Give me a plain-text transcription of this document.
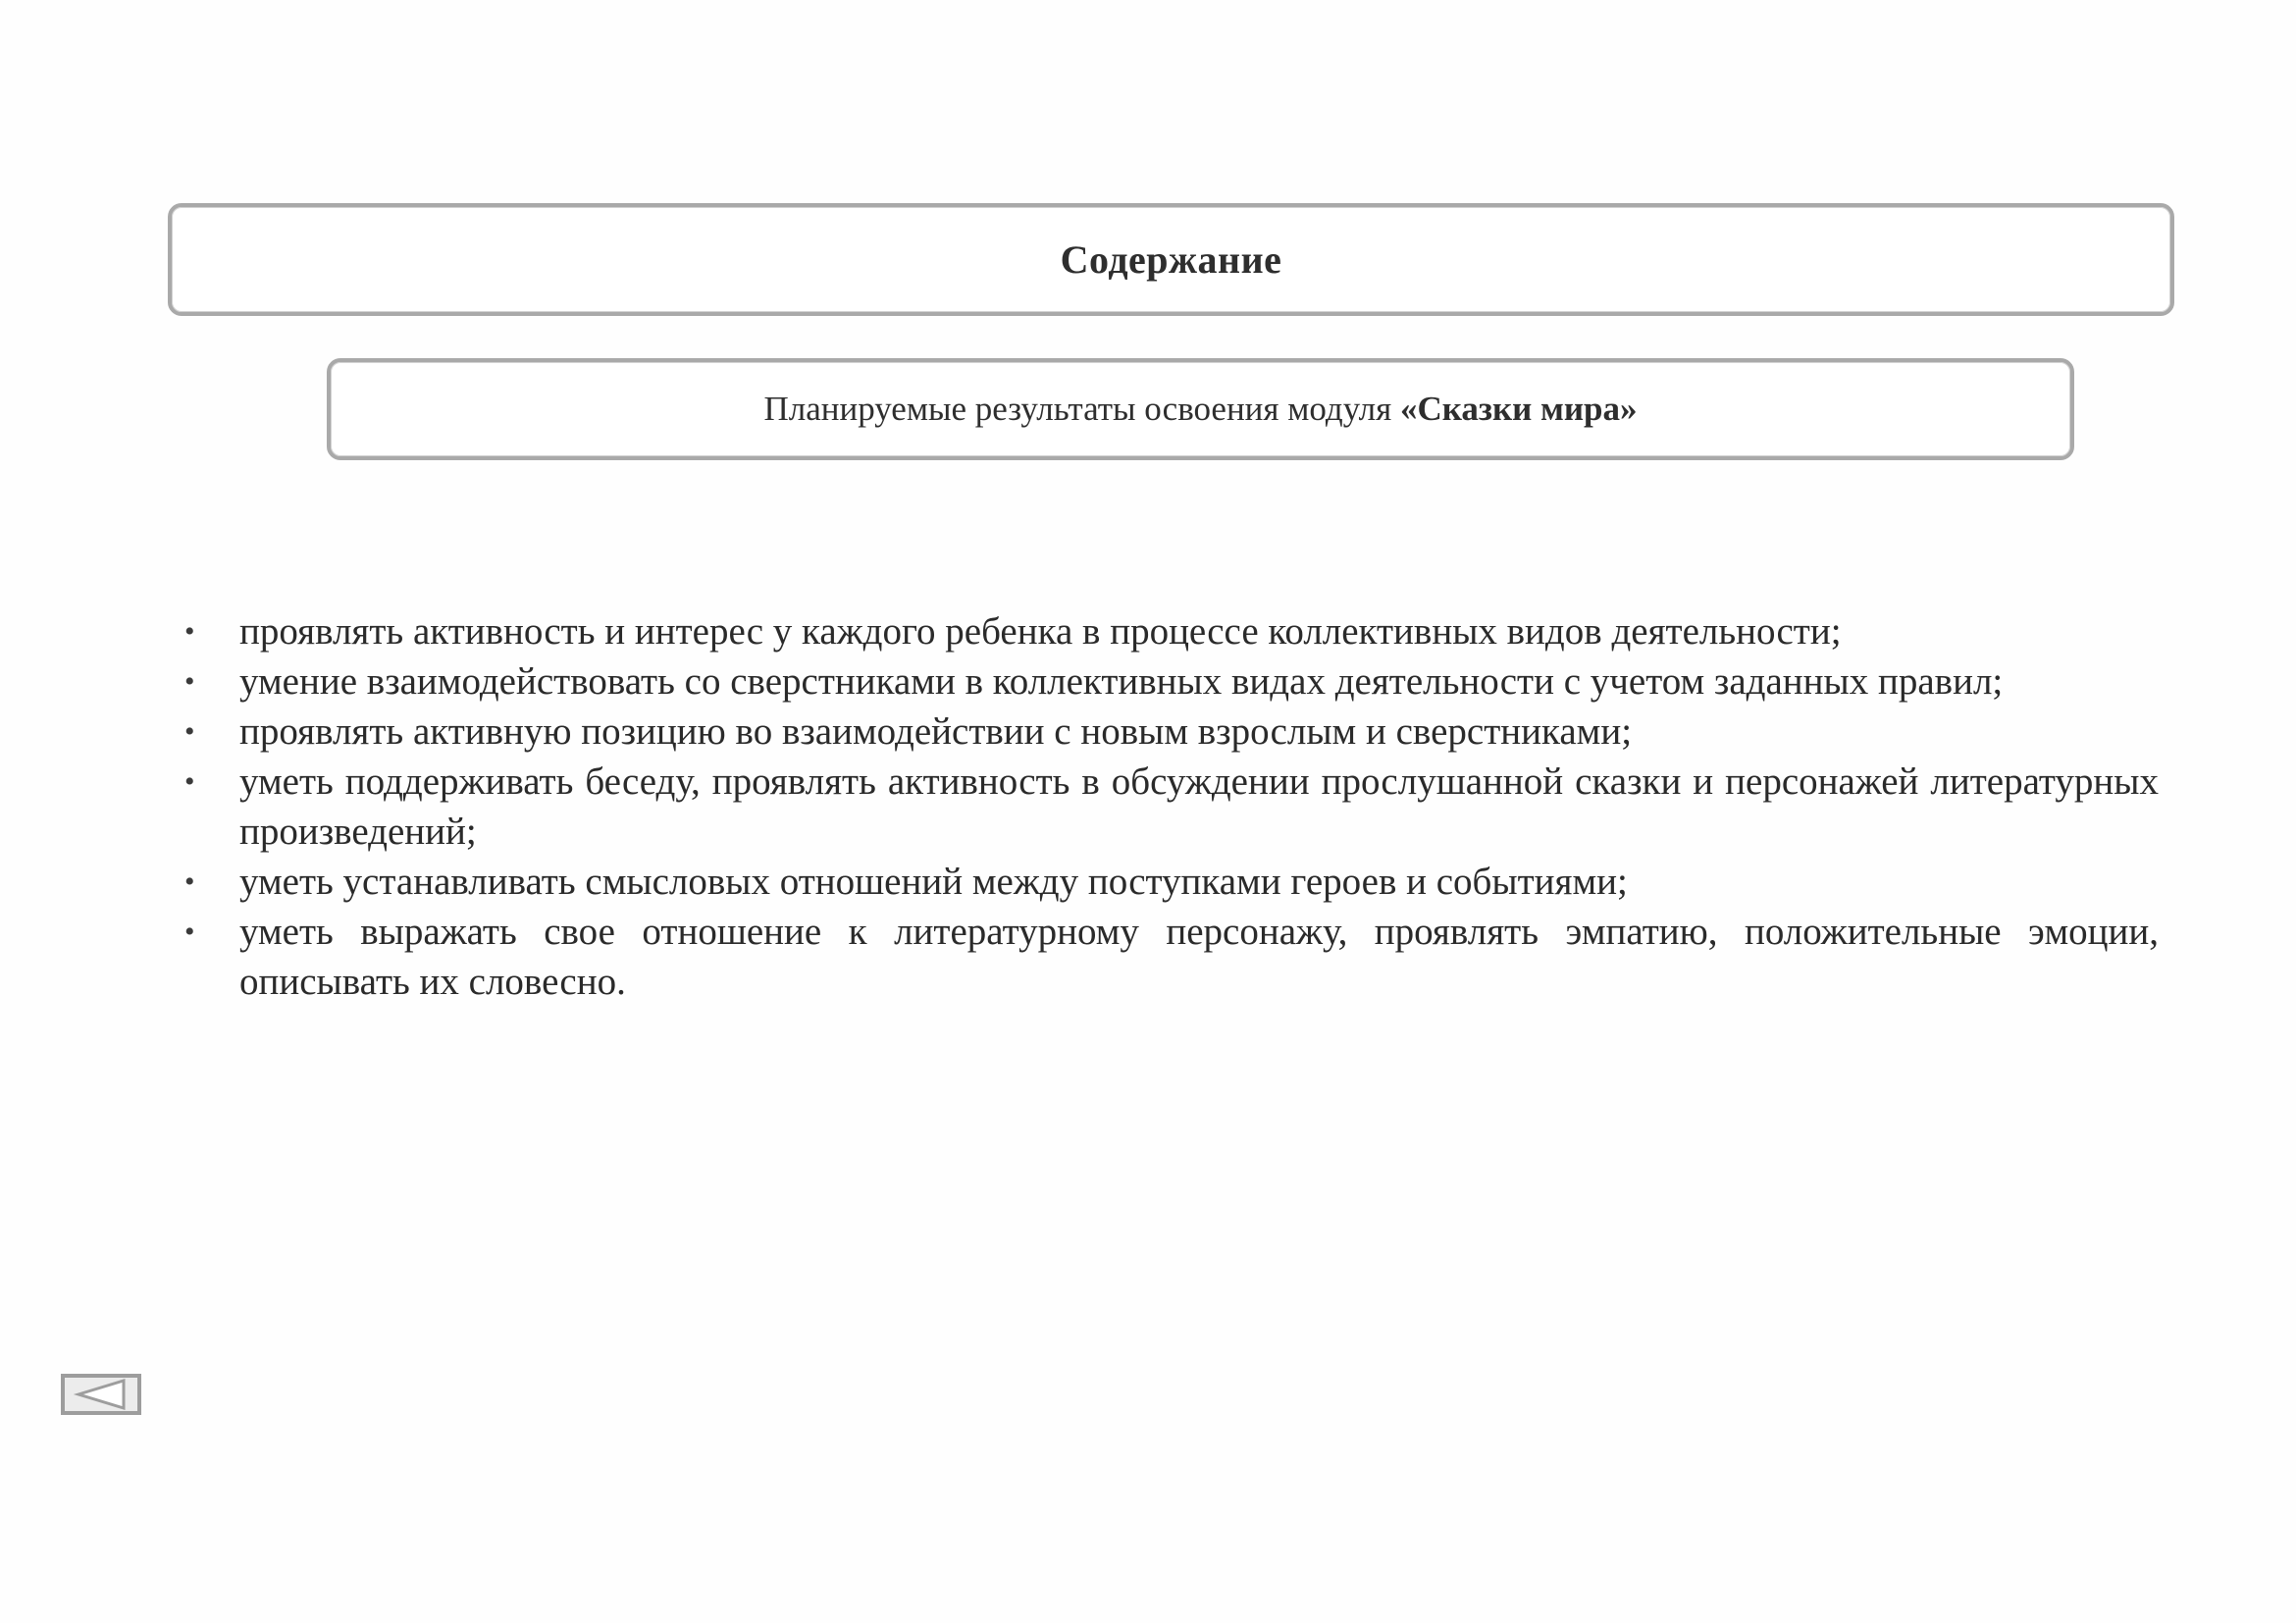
Содержание
Планируемые результаты освоения модуля «Сказки мира»
• проявлять активность и интерес у каждого ребенка в процессе коллективных видов деятельности;
• умение взаимодействовать со сверстниками в коллективных видах деятельности с учетом заданных правил;
• проявлять активную позицию во взаимодействии с новым взрослым и сверстниками;
• уметь поддерживать беседу, проявлять активность в обсуждении прослушанной сказки и персонажей литературных произведений;
• уметь устанавливать смысловых отношений между поступками героев и событиями;
• уметь выражать свое отношение к литературному персонажу, проявлять эмпатию, положительные эмоции, описывать их словесно.
